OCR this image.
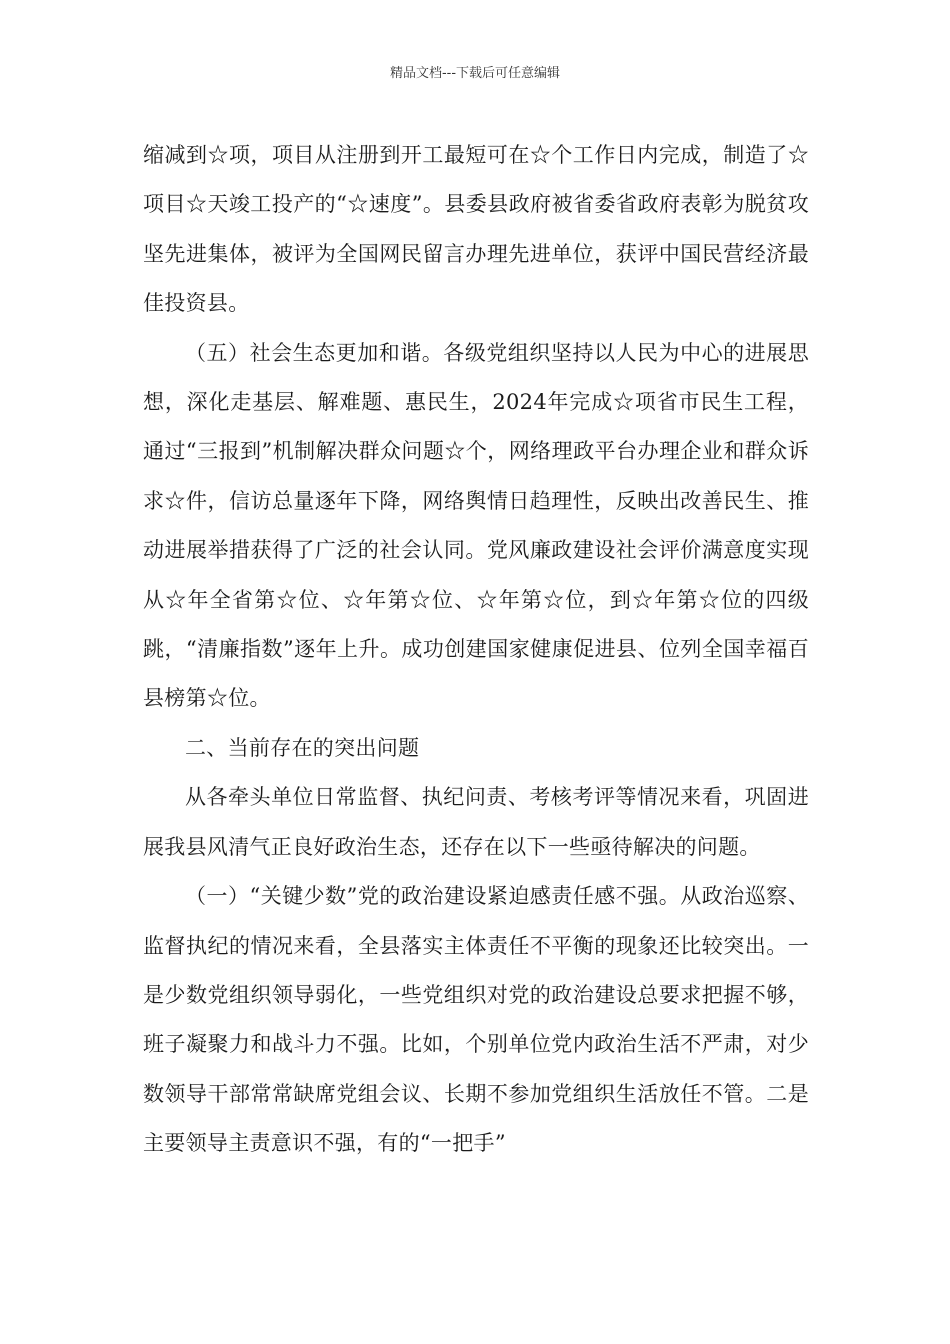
精品文档---下载后可任意编辑

缩减到☆项，项目从注册到开工最短可在☆个工作日内完成，制造了☆项目☆天竣工投产的“☆速度”。县委县政府被省委省政府表彰为脱贫攻坚先进集体，被评为全国网民留言办理先进单位，获评中国民营经济最佳投资县。

（五）社会生态更加和谐。各级党组织坚持以人民为中心的进展思想，深化走基层、解难题、惠民生，2024年完成☆项省市民生工程，通过“三报到”机制解决群众问题☆个，网络理政平台办理企业和群众诉求☆件，信访总量逐年下降，网络舆情日趋理性，反映出改善民生、推动进展举措获得了广泛的社会认同。党风廉政建设社会评价满意度实现从☆年全省第☆位、☆年第☆位、☆年第☆位，到☆年第☆位的四级跳，“清廉指数”逐年上升。成功创建国家健康促进县、位列全国幸福百县榜第☆位。

二、当前存在的突出问题

从各牵头单位日常监督、执纪问责、考核考评等情况来看，巩固进展我县风清气正良好政治生态，还存在以下一些亟待解决的问题。

（一）“关键少数”党的政治建设紧迫感责任感不强。从政治巡察、监督执纪的情况来看，全县落实主体责任不平衡的现象还比较突出。一是少数党组织领导弱化，一些党组织对党的政治建设总要求把握不够，班子凝聚力和战斗力不强。比如，个别单位党内政治生活不严肃，对少数领导干部常常缺席党组会议、长期不参加党组织生活放任不管。二是主要领导主责意识不强，有的“一把手”
